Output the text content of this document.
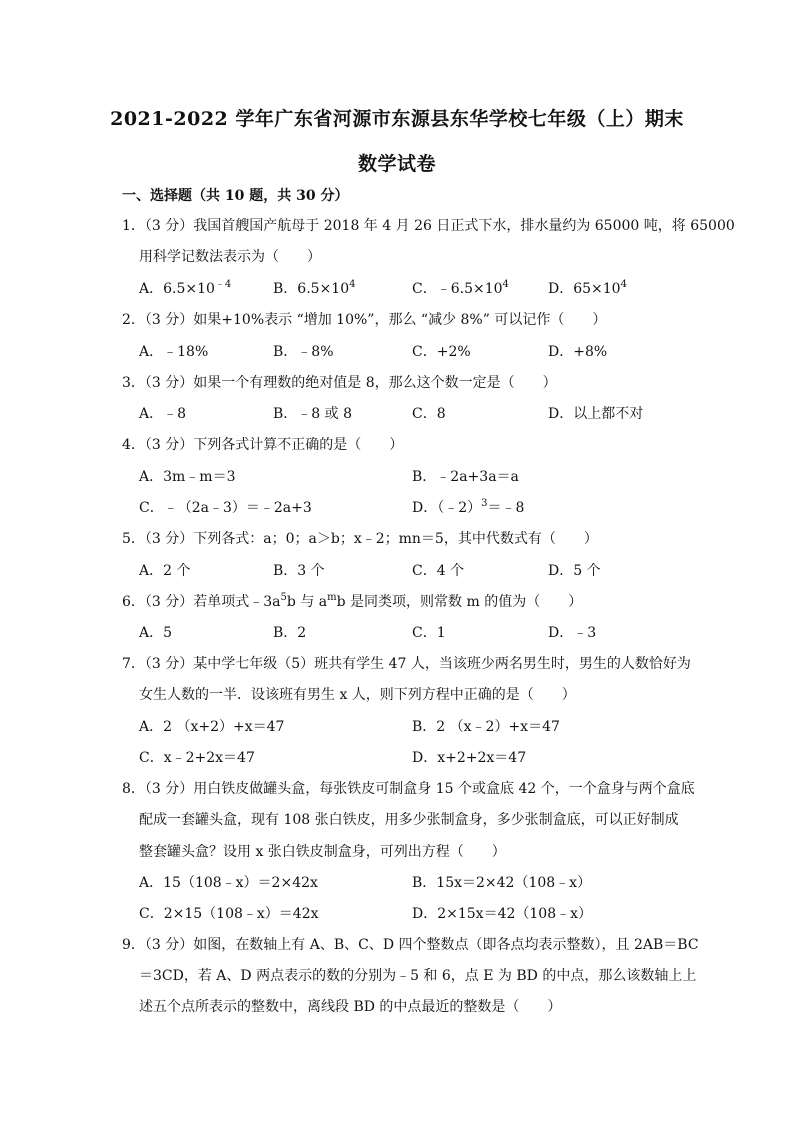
2021-2022 学年广东省河源市东源县东华学校七年级（上）期末
数学试卷
一、选择题（共 10 题，共 30 分）
1．（3 分）我国首艘国产航母于 2018 年 4 月 26 日正式下水，排水量约为 65000 吨，将 65000
用科学记数法表示为（　　）
A．$6.5\times 10^{﹣4}$	B．$6.5\times 10^4$	C．$﹣6.5\times 10^4$	D．$65\times 10^4$
2．（3 分）如果+10%表示 “增加 10%”，那么 “减少 8%” 可以记作（　　）
A．﹣18%	B．﹣8%	C．+2%	D．+8%
3．（3 分）如果一个有理数的绝对值是 8，那么这个数一定是（　　）
A．﹣8	B．﹣8 或 8	C．8	D．以上都不对
4．（3 分）下列各式计算不正确的是（　　）
A．3m﹣m＝3	B．﹣2a+3a＝a
C．﹣（2a﹣3）＝﹣2a+3	D．（﹣2）$^3$＝﹣8
5．（3 分）下列各式：a；0；a＞b；x﹣2；mn＝5，其中代数式有（　　）
A．2 个	B．3 个	C．4 个	D．5 个
6．（3 分）若单项式$﹣3a^5b$ 与 $a^mb$ 是同类项，则常数 m 的值为（　　）
A．5	B．2	C．1	D．﹣3
7．（3 分）某中学七年级（5）班共有学生 47 人，当该班少两名男生时，男生的人数恰好为
女生人数的一半．设该班有男生 x 人，则下列方程中正确的是（　　）
A．2 （x+2）+x＝47	B．2 （x﹣2）+x＝47
C．x﹣2+2x＝47	D．x+2+2x＝47
8．（3 分）用白铁皮做罐头盒，每张铁皮可制盒身 15 个或盒底 42 个，一个盒身与两个盒底
配成一套罐头盒，现有 108 张白铁皮，用多少张制盒身，多少张制盒底，可以正好制成
整套罐头盒？设用 x 张白铁皮制盒身，可列出方程（　　）
A．15（108﹣x）＝2×42x	B．15x＝2×42（108﹣x）
C．2×15（108﹣x）＝42x	D．2×15x＝42（108﹣x）
9．（3 分）如图，在数轴上有 A、B、C、D 四个整数点（即各点均表示整数），且 2AB＝BC
＝3CD，若 A、D 两点表示的数的分别为﹣5 和 6，点 E 为 BD 的中点，那么该数轴上上
述五个点所表示的整数中，离线段 BD 的中点最近的整数是（　　）
